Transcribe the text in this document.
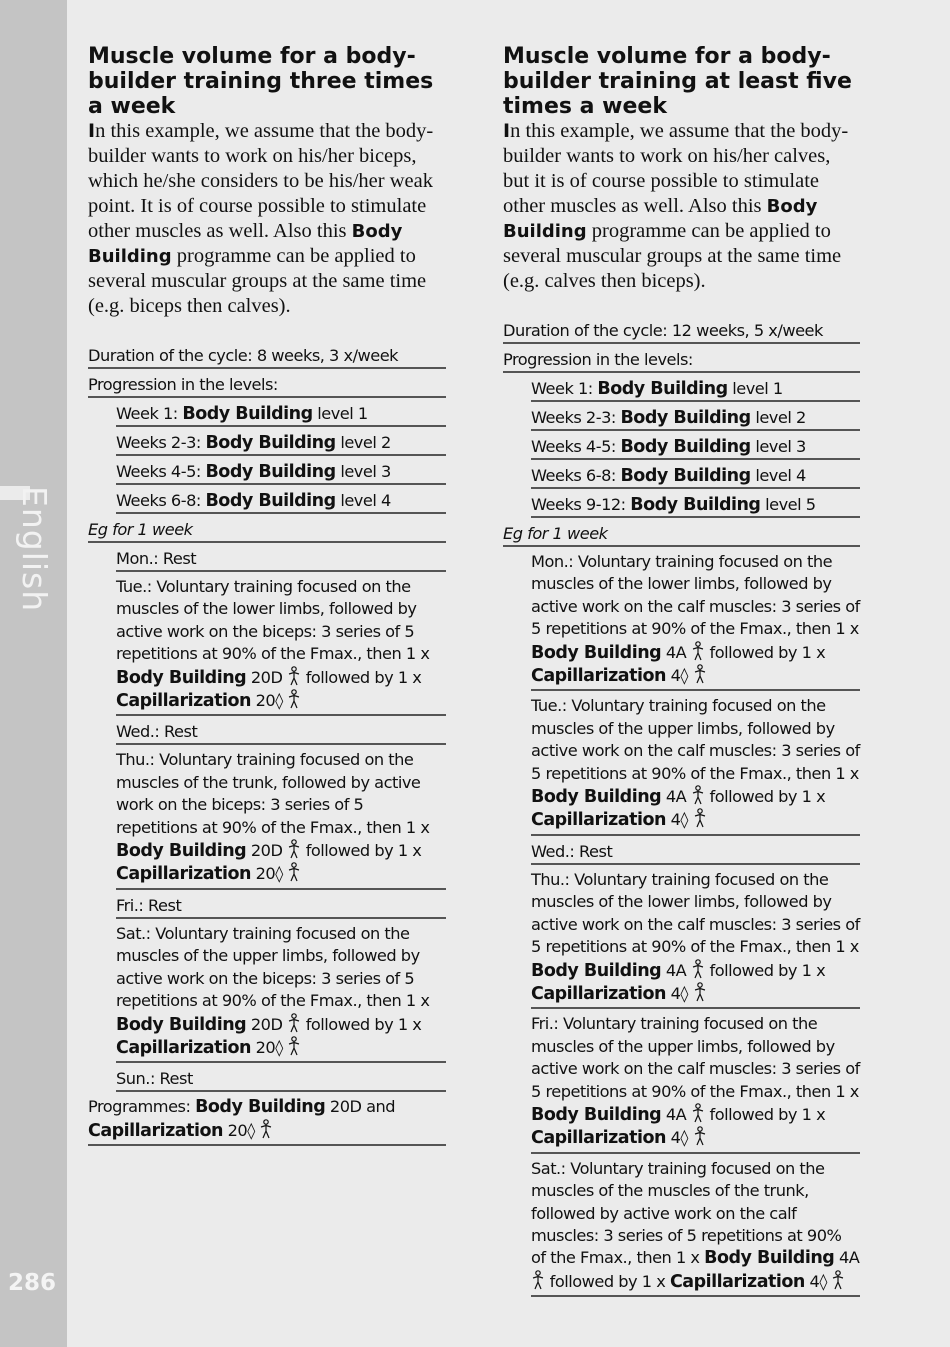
English
286
Muscle volume for a body-builder training three times a week

In this example, we assume that the body-builder wants to work on his/her biceps, which he/she considers to be his/her weak point. It is of course possible to stimulate other muscles as well. Also this Body Building programme can be applied to several muscular groups at the same time (e.g. biceps then calves).

Duration of the cycle: 8 weeks, 3 x/week
Progression in the levels:
Week 1: Body Building level 1
Weeks 2-3: Body Building level 2
Weeks 4-5: Body Building level 3
Weeks 6-8: Body Building level 4
Eg for 1 week
Mon.: Rest
Tue.: Voluntary training focused on the muscles of the lower limbs, followed by active work on the biceps: 3 series of 5 repetitions at 90% of the Fmax., then 1 x Body Building 20D  followed by 1 x Capillarization 20◊
Wed.: Rest
Thu.: Voluntary training focused on the muscles of the trunk, followed by active work on the biceps: 3 series of 5 repetitions at 90% of the Fmax., then 1 x Body Building 20D  followed by 1 x Capillarization 20◊
Fri.: Rest
Sat.: Voluntary training focused on the muscles of the upper limbs, followed by active work on the biceps: 3 series of 5 repetitions at 90% of the Fmax., then 1 x Body Building 20D  followed by 1 x Capillarization 20◊
Sun.: Rest
Programmes: Body Building 20D and Capillarization 20◊
Muscle volume for a body-builder training at least five times a week

In this example, we assume that the body-builder wants to work on his/her calves, but it is of course possible to stimulate other muscles as well. Also this Body Building programme can be applied to several muscular groups at the same time (e.g. calves then biceps).

Duration of the cycle: 12 weeks, 5 x/week
Progression in the levels:
Week 1: Body Building level 1
Weeks 2-3: Body Building level 2
Weeks 4-5: Body Building level 3
Weeks 6-8: Body Building level 4
Weeks 9-12: Body Building level 5
Eg for 1 week
Mon.: Voluntary training focused on the muscles of the lower limbs, followed by active work on the calf muscles: 3 series of 5 repetitions at 90% of the Fmax., then 1 x Body Building 4A  followed by 1 x Capillarization 4◊
Tue.: Voluntary training focused on the muscles of the upper limbs, followed by active work on the calf muscles: 3 series of 5 repetitions at 90% of the Fmax., then 1 x Body Building 4A  followed by 1 x Capillarization 4◊
Wed.: Rest
Thu.: Voluntary training focused on the muscles of the lower limbs, followed by active work on the calf muscles: 3 series of 5 repetitions at 90% of the Fmax., then 1 x Body Building 4A  followed by 1 x Capillarization 4◊
Fri.: Voluntary training focused on the muscles of the upper limbs, followed by active work on the calf muscles: 3 series of 5 repetitions at 90% of the Fmax., then 1 x Body Building 4A  followed by 1 x Capillarization 4◊
Sat.: Voluntary training focused on the muscles of the muscles of the trunk, followed by active work on the calf muscles: 3 series of 5 repetitions at 90% of the Fmax., then 1 x Body Building 4A  followed by 1 x Capillarization 4◊
